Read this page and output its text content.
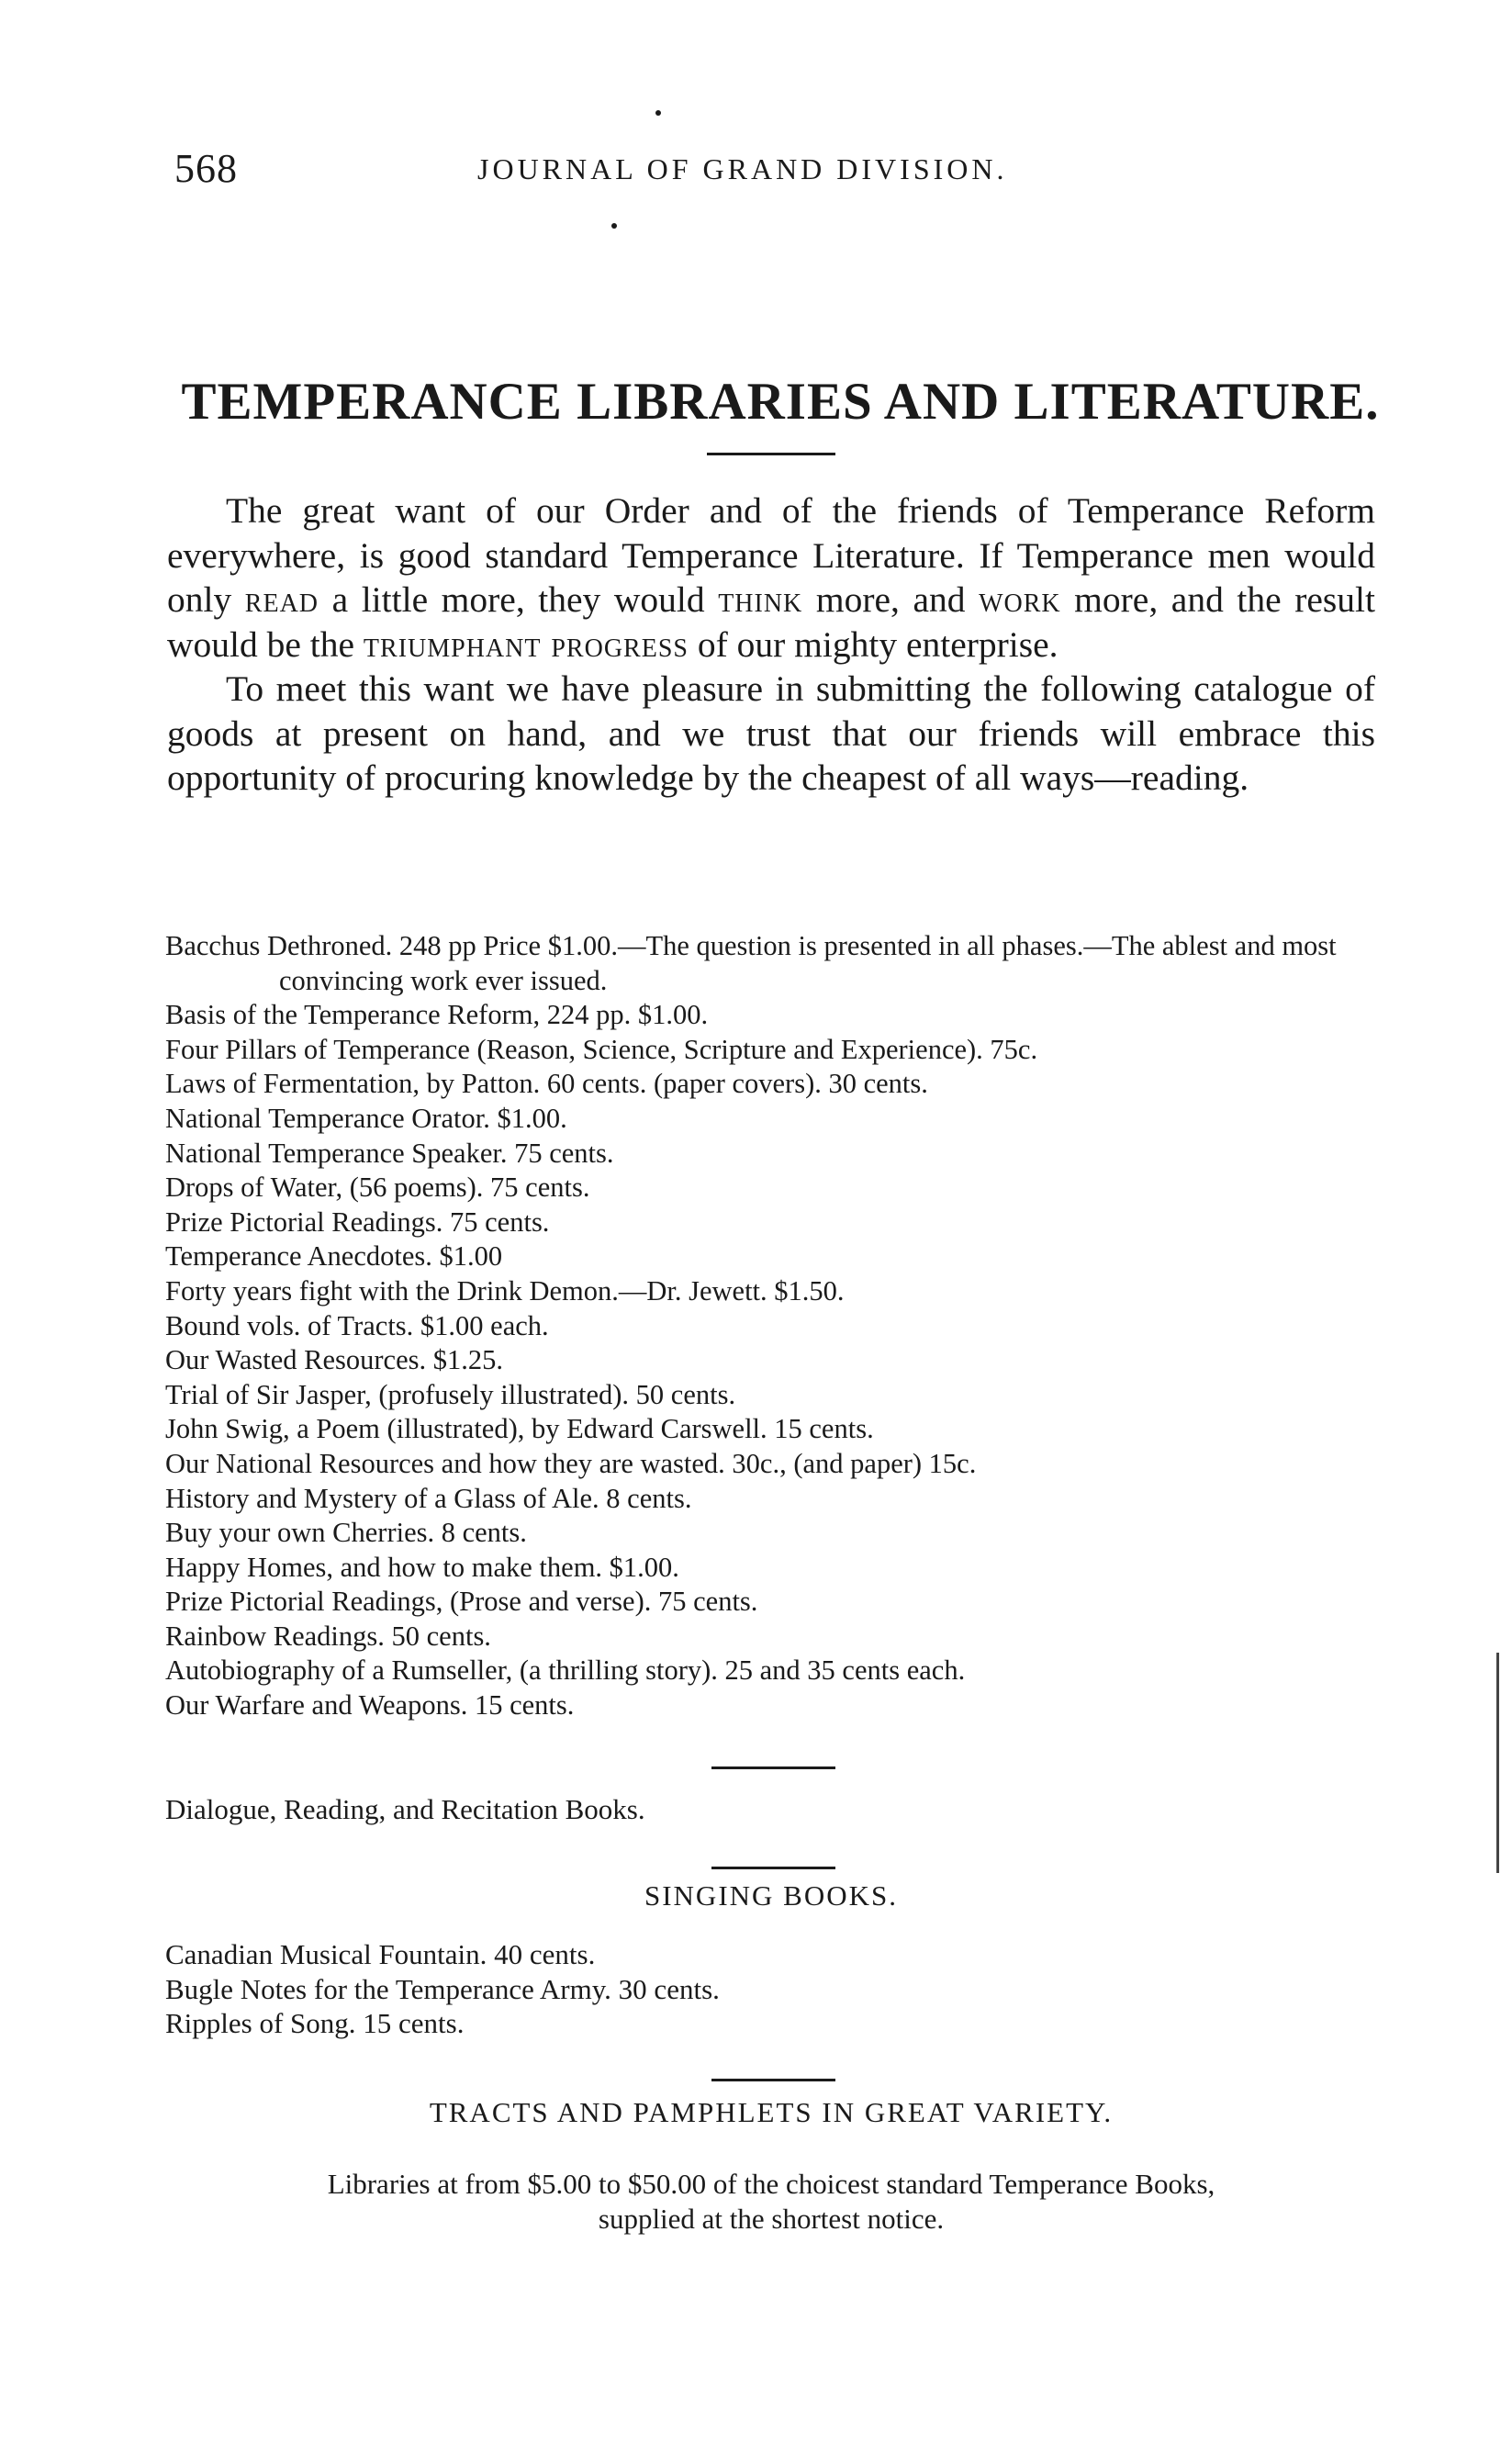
568	JOURNAL OF GRAND DIVISION.
TEMPERANCE LIBRARIES AND LITERATURE.

The great want of our Order and of the friends of Temperance Reform everywhere, is good standard Temperance Literature. If Temperance men would only read a little more, they would think more, and work more, and the result would be the triumphant progress of our mighty enterprise.

To meet this want we have pleasure in submitting the following catalogue of goods at present on hand, and we trust that our friends will embrace this opportunity of procuring knowledge by the cheapest of all ways—reading.

Bacchus Dethroned. 248 pp Price $1.00.—The question is presented in all phases.—The ablest and most convincing work ever issued.
Basis of the Temperance Reform, 224 pp. $1.00.
Four Pillars of Temperance (Reason, Science, Scripture and Experience). 75c.
Laws of Fermentation, by Patton. 60 cents. (paper covers). 30 cents.
National Temperance Orator. $1.00.
National Temperance Speaker. 75 cents.
Drops of Water, (56 poems). 75 cents.
Prize Pictorial Readings. 75 cents.
Temperance Anecdotes. $1.00
Forty years fight with the Drink Demon.—Dr. Jewett. $1.50.
Bound vols. of Tracts. $1.00 each.
Our Wasted Resources. $1.25.
Trial of Sir Jasper, (profusely illustrated). 50 cents.
John Swig, a Poem (illustrated), by Edward Carswell. 15 cents.
Our National Resources and how they are wasted. 30c., (and paper) 15c.
History and Mystery of a Glass of Ale. 8 cents.
Buy your own Cherries. 8 cents.
Happy Homes, and how to make them. $1.00.
Prize Pictorial Readings, (Prose and verse). 75 cents.
Rainbow Readings. 50 cents.
Autobiography of a Rumseller, (a thrilling story). 25 and 35 cents each.
Our Warfare and Weapons. 15 cents.
Dialogue, Reading, and Recitation Books.
SINGING BOOKS.
Canadian Musical Fountain. 40 cents.
Bugle Notes for the Temperance Army. 30 cents.
Ripples of Song. 15 cents.
TRACTS AND PAMPHLETS IN GREAT VARIETY.
Libraries at from $5.00 to $50.00 of the choicest standard Temperance Books,
supplied at the shortest notice.
